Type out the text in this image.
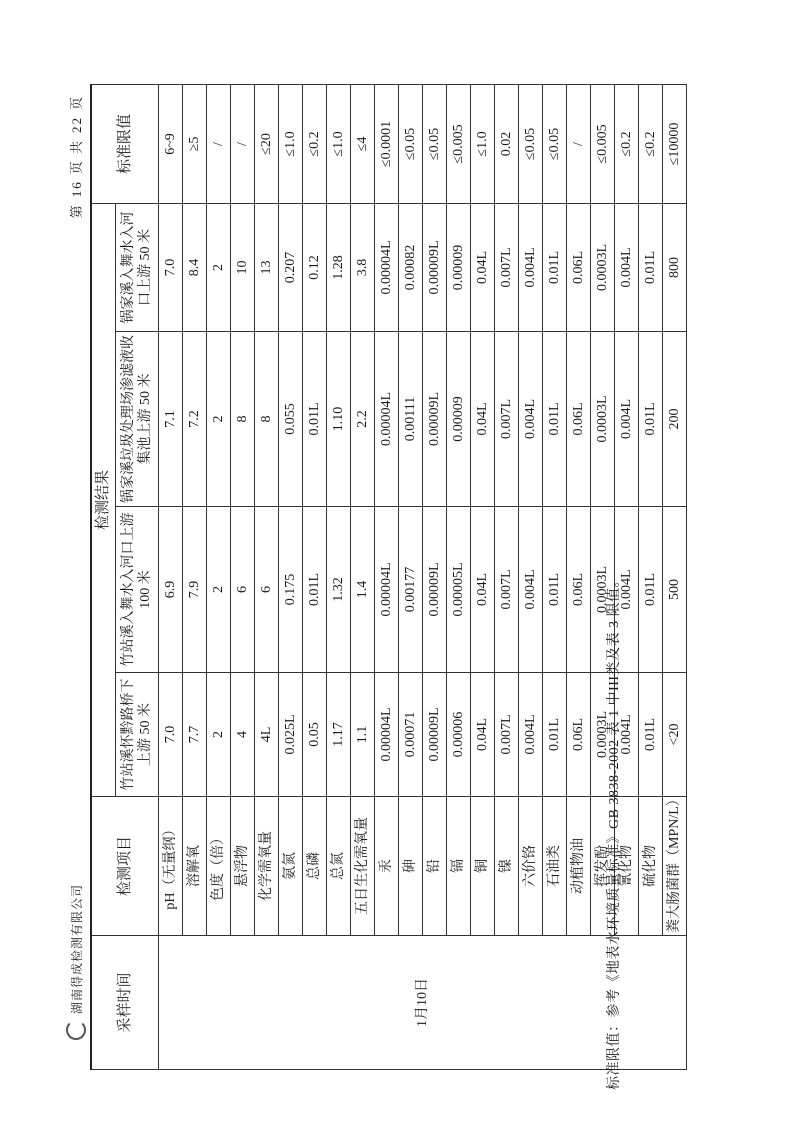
湖南得成检测有限公司
第16页 共22页
采样时间	检测项目	检测结果				标准限值
		竹站溪怀黔路桥下上游 50 米	竹站溪入舞水入河口上游 100 米	锅家溪垃圾处理场渗滤液收集池上游 50 米	锅家溪入舞水入河口上游 50 米	
1月10日	pH（无量纲）	7.0	6.9	7.1	7.0	6~9
	溶解氧	7.7	7.9	7.2	8.4	≥5
	色度（倍）	2	2	2	2	/
	悬浮物	4	6	8	10	/
	化学需氧量	4L	6	8	13	≤20
	氨氮	0.025L	0.175	0.055	0.207	≤1.0
	总磷	0.05	0.01L	0.01L	0.12	≤0.2
	总氮	1.17	1.32	1.10	1.28	≤1.0
	五日生化需氧量	1.1	1.4	2.2	3.8	≤4
	汞	0.00004L	0.00004L	0.00004L	0.00004L	≤0.0001
	砷	0.00071	0.00177	0.00111	0.00082	≤0.05
	铅	0.00009L	0.00009L	0.00009L	0.00009L	≤0.05
	镉	0.00006	0.00005L	0.00009	0.00009	≤0.005
	铜	0.04L	0.04L	0.04L	0.04L	≤1.0
	镍	0.007L	0.007L	0.007L	0.007L	0.02
	六价铬	0.004L	0.004L	0.004L	0.004L	≤0.05
	石油类	0.01L	0.01L	0.01L	0.01L	≤0.05
	动植物油	0.06L	0.06L	0.06L	0.06L	/
	挥发酚	0.0003L	0.0003L	0.0003L	0.0003L	≤0.005
	氰化物	0.004L	0.004L	0.004L	0.004L	≤0.2
	硫化物	0.01L	0.01L	0.01L	0.01L	≤0.2
	粪大肠菌群（MPN/L）	<20	500	200	800	≤10000
标准限值：参考《地表水环境质量标准》GB 3838-2002 表 1 中III类及表 3 限值。
